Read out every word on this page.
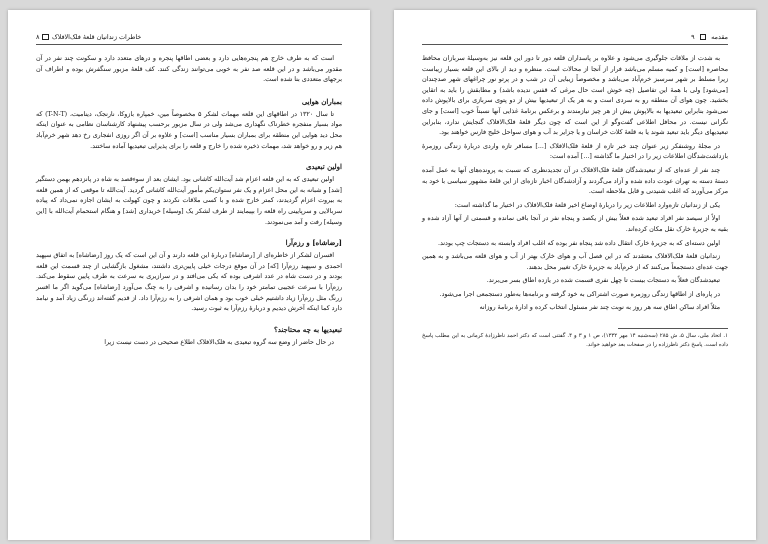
۸ خاطرات زندانیان قلعهٔ فلک‌الافلاک

است که به طرف خارج هم پنجره‌هایی دارد و بعضی اطاقها پنجره و درهای متعدد دارد و سکونت چند نفر در آن مقدور می‌باشد و در این قلعه صد نفر به خوبی می‌توانند زندگی کنند. کف قلعهٔ مزبور سنگفرش بوده و اطراف آن برجهای متعددی بنا شده است.

بمباران هوایی

تا سال ۱۳۲۰ در اطاقهای این قلعه مهمات لشکر ۵ مخصوصاً مین، خمپاره بازوکا، نارنجک، دینامیت، (T-N-T) که مواد بسیار منفجره خطرناک نگهداری می‌شد ولی در سال مزبور برحسب پیشنهاد کارشناسان نظامی به عنوان اینکه محل دید هوایی این منطقه برای بمباران بسیار مناسب [است] و علاوه بر آن اگر روزی انفجاری رخ دهد شهر خرم‌آباد هم زیر و رو خواهد شد، مهمات ذخیره شده را خارج و قلعه را برای پذیرایی تبعیدیها آماده ساختند.

اولین تبعیدی

اولین تبعیدی که به این قلعه اعزام شد آیت‌الله کاشانی بود. ایشان بعد از سوءقصد به شاه در پانزدهم بهمن دستگیر [شد] و شبانه به این محل اعزام و یک نفر ستوان‌یکم مأمور آیت‌الله کاشانی گردید. آیت‌الله تا موقعی که از همین قلعه به بیروت اعزام گردیدند، کمتر خارج شده و با کسی ملاقات نکردند و چون کهولت به ایشان اجازه نمی‌داد که پیاده سربالایی و سرپایینی راه قلعه را بپیمایند از طرف لشکر یک [وسیله] خریداری [شد] و هنگام استحمام آیت‌الله با [این وسیله] رفت و آمد می‌نمودند.

[رضاشاه] و رزم‌آرا

افسران لشکر از خاطره‌ای از [رضاشاه] دربارهٔ این قلعه دارند و آن این است که یک روز [رضاشاه] به اتفاق سپهبد احمدی و سپهبد رزم‌آرا [که] در آن موقع درجات خیلی پایین‌تری داشتند، مشغول بازگشایی از چند قسمت این قلعه بودند و در دست شاه در عدد اشرفی بوده که یکی می‌افتد و در سرازیری به سرعت به طرف پایین سقوط می‌کند. رزم‌آرا با سرعت عجیبی تمامتر خود را بدان رسانیده و اشرفی را به چنگ می‌آورد [رضاشاه] می‌گوید اگر ما افسر زرنگ مثل رزم‌آرا زیاد داشتیم خیلی خوب بود و همان اشرفی را به رزم‌آرا داد. از قدیم گفته‌اند زرنگی زیاد آمد و نیامد دارد کما اینکه آخرش دیدیم و دربارهٔ رزم‌آرا به ثبوت رسید.

تبعیدیها به چه محتاجند؟

در حال حاضر از وضع سه گروه تبعیدی به فلک‌الافلاک اطلاع صحیحی در دست نیست زیرا

مقدمه  ۹

به شدت از ملاقات جلوگیری می‌شود و علاوه بر پاسداران قلعه دور تا دور این قلعه نیز به‌وسیلهٔ سربازان محافظ محاصره [است] و کمیه مسلم می‌باشد فرار از آنجا از محالات است. منظره و دید از بالای این قلعه بسیار زیباست زیرا مسلط بر شهر سرسبز خرم‌آباد می‌باشد و مخصوصاً زیبایی آن در شب و در پرتو نور چراغهای شهر صدچندان [می‌شود] ولی با همهٔ این تفاصیل (چه خوش است حال مرغی که قفس ندیده باشد) و مطابقش را باید به اتقاین بخشید. چون هوای آن منطقه رو به سردی است و به هر یک از تبعیدیها بیش از دو پتوی سربازی برای بالاپوش داده نمی‌شود بنابراین تبعیدیها به بالاپوش بیش از هر چیز نیازمندند و برعکس برنامهٔ غذایی آنها نسبتاً خوب [است] و جای نگرانی نیست. در محافل اطلاعی گفت‌وگو از این است که چون دیگر قلعهٔ فلک‌الافلاک گنجایش ندارد، بنابراین تبعیدیهای دیگر باید تبعید شوند یا به قلعهٔ کلات خراسان و یا جزایر بد آب و هوای سواحل خلیج فارس خواهند بود.

در مجلهٔ روشنفکر زیر عنوان چند خبر تازه از قلعهٔ فلک‌الافلاک [...] مسافر تازه واردی دربارهٔ زندگی روزمرهٔ بازداشت‌شدگان اطلاعات زیر را در اختیار ما گذاشته [...] آمده است:

چند نفر از عده‌ای که از تبعیدشدگان قلعهٔ فلک‌الافلاک در آن تجدیدنظری که نسبت به پرونده‌های آنها به عمل آمده دستهٔ دسته به تهران عودت داده شده و آزاد می‌گردند و آزادشدگان اخبار تازه‌ای از این قلعهٔ مشهور سیاسی با خود به مرکز می‌آورند که اغلب شنیدنی و قابل ملاحظه است.

یکی از زندانیان تازه‌وارد اطلاعات زیر را دربارهٔ اوضاع اخیر قلعهٔ فلک‌الافلاک در اختیار ما گذاشته است:

اولاً از سیصد نفر افراد تبعید شده فعلاً بیش از یکصد و پنجاه نفر در آنجا باقی نمانده و قسمتی از آنها آزاد شده و بقیه به جزیرهٔ خارک نقل مکان کرده‌اند.

اولین دسته‌ای که به جزیرهٔ خارک انتقال داده شد پنجاه نفر بوده که اغلب افراد وابسته به دستجات چپ بودند.

زندانیان قلعهٔ فلک‌الافلاک معتقدند که در این فصل آب و هوای خارک بهتر از آب و هوای قلعه می‌باشد و به همین جهت عده‌ای دستجمعاً می‌کنند که از خرم‌آباد به جزیرهٔ خارک تغییر محل بدهند.

تبعیدشدگان فعلاً به دستجات بیست تا چهل نفری قسمت شده در یازده اطاق بسر می‌برند.

در پاره‌ای از اطاقها زندگی روزمره صورت اشتراکی به خود گرفته و برنامه‌ها به‌طور دستجمعی اجرا می‌شود.

مثلاً افراد ساکن اطاق سه هر روز به نوبت چند نفر مسئول انتخاب کرده و ادارهٔ برنامهٔ روزانه

۱. اتحاد ملی، سال ۵، ش ۲۸۵ (سه‌شنبه ۱۴ مهر ۱۳۳۲)، ص ۱ و ۳ و ۴. گفتنی است که دکتر احمد ناظرزادهٔ کرمانی به این مطلب پاسخ داده است. پاسخ دکتر ناظرزاده را در صفحات بعد خواهید خواند.
